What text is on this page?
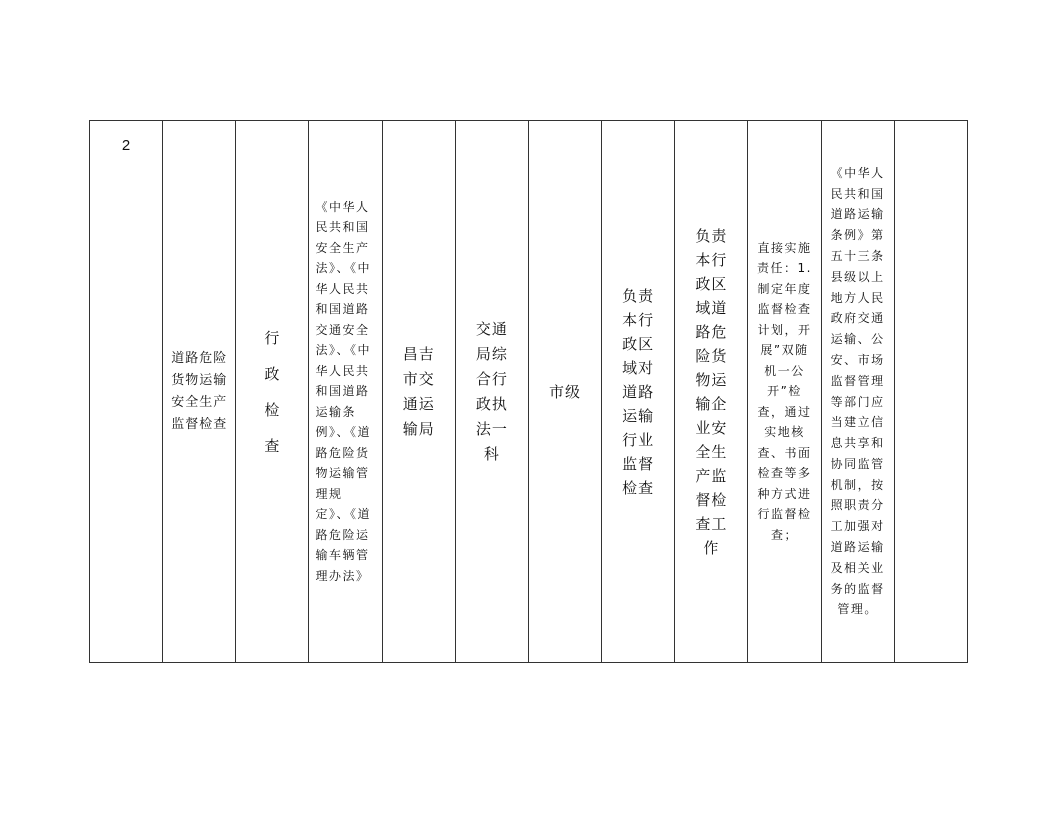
2	
道路危险货物运输安全生产监督检查

行政检查

《中华人民共和国安全生产法》、《中华人民共和国道路交通安全法》、《中华人民共和国道路运输条例》、《道路危险货物运输管理规定》、《道路危险运输车辆管理办法》

昌吉市交通运输局

交通局综合行政执法一科

市级

负责本行政区域对道路运输行业监督检查

负责本行政区域道路危险货物运输企业安全生产监督检查工作

直接实施责任：1.制定年度监督检查计划，开展”双随机一公开”检查，通过实地核查、书面检查等多种方式进行监督检查；

《中华人民共和国道路运输条例》第五十三条县级以上地方人民政府交通运输、公安、市场监督管理等部门应当建立信息共享和协同监管机制，按照职责分工加强对道路运输及相关业务的监督管理。
